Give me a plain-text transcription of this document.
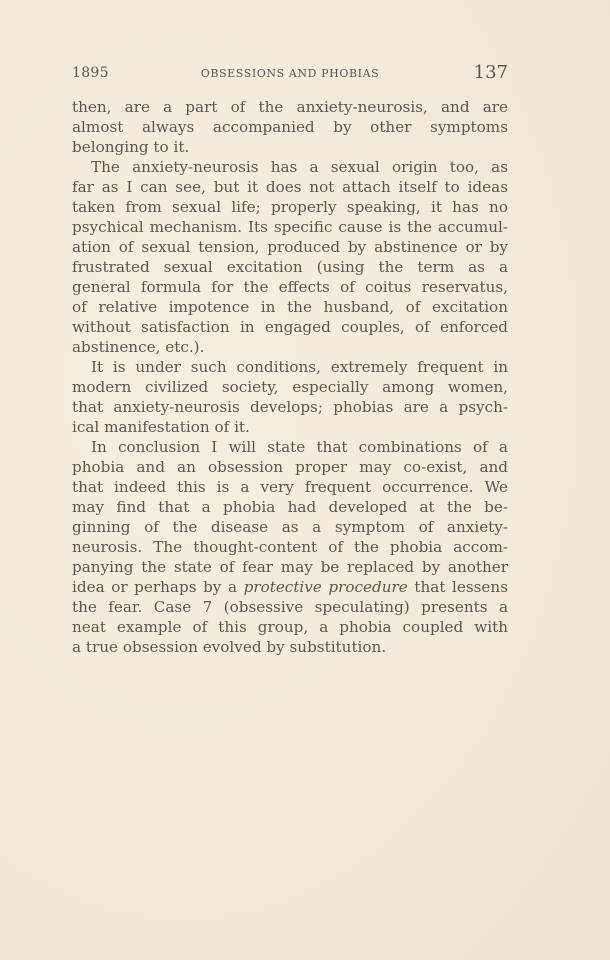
1895	OBSESSIONS AND PHOBIAS	137
then, are a part of the anxiety-neurosis, and are
almost always accompanied by other symptoms
belonging to it.
The anxiety-neurosis has a sexual origin too, as
far as I can see, but it does not attach itself to ideas
taken from sexual life; properly speaking, it has no
psychical mechanism. Its specific cause is the accumul-
ation of sexual tension, produced by abstinence or by
frustrated sexual excitation (using the term as a
general formula for the effects of coitus reservatus,
of relative impotence in the husband, of excitation
without satisfaction in engaged couples, of enforced
abstinence, etc.).
It is under such conditions, extremely frequent in
modern civilized society, especially among women,
that anxiety-neurosis develops; phobias are a psych-
ical manifestation of it.
In conclusion I will state that combinations of a
phobia and an obsession proper may co-exist, and
that indeed this is a very frequent occurrence. We
may find that a phobia had developed at the be-
ginning of the disease as a symptom of anxiety-
neurosis. The thought-content of the phobia accom-
panying the state of fear may be replaced by another
idea or perhaps by a protective procedure that lessens
the fear. Case 7 (obsessive speculating) presents a
neat example of this group, a phobia coupled with
a true obsession evolved by substitution.
